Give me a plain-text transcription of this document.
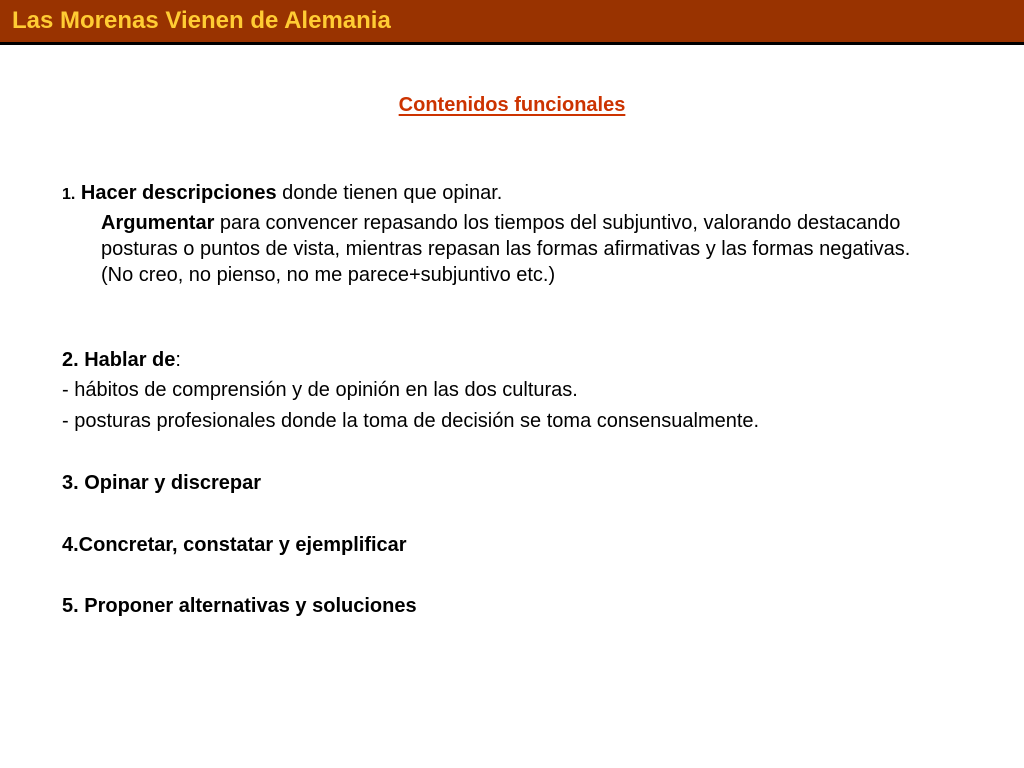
Las Morenas Vienen de Alemania
Contenidos funcionales
1. Hacer descripciones donde tienen que opinar.
Argumentar para convencer repasando los tiempos del subjuntivo, valorando destacando posturas o puntos de vista, mientras repasan las formas afirmativas y las formas negativas. (No creo, no pienso, no me parece+subjuntivo etc.)
2. Hablar de:
- hábitos de comprensión y de opinión en las dos culturas.
- posturas profesionales donde la toma de decisión se toma consensualmente.
3. Opinar y discrepar
4.Concretar, constatar y ejemplificar
5. Proponer alternativas y soluciones
